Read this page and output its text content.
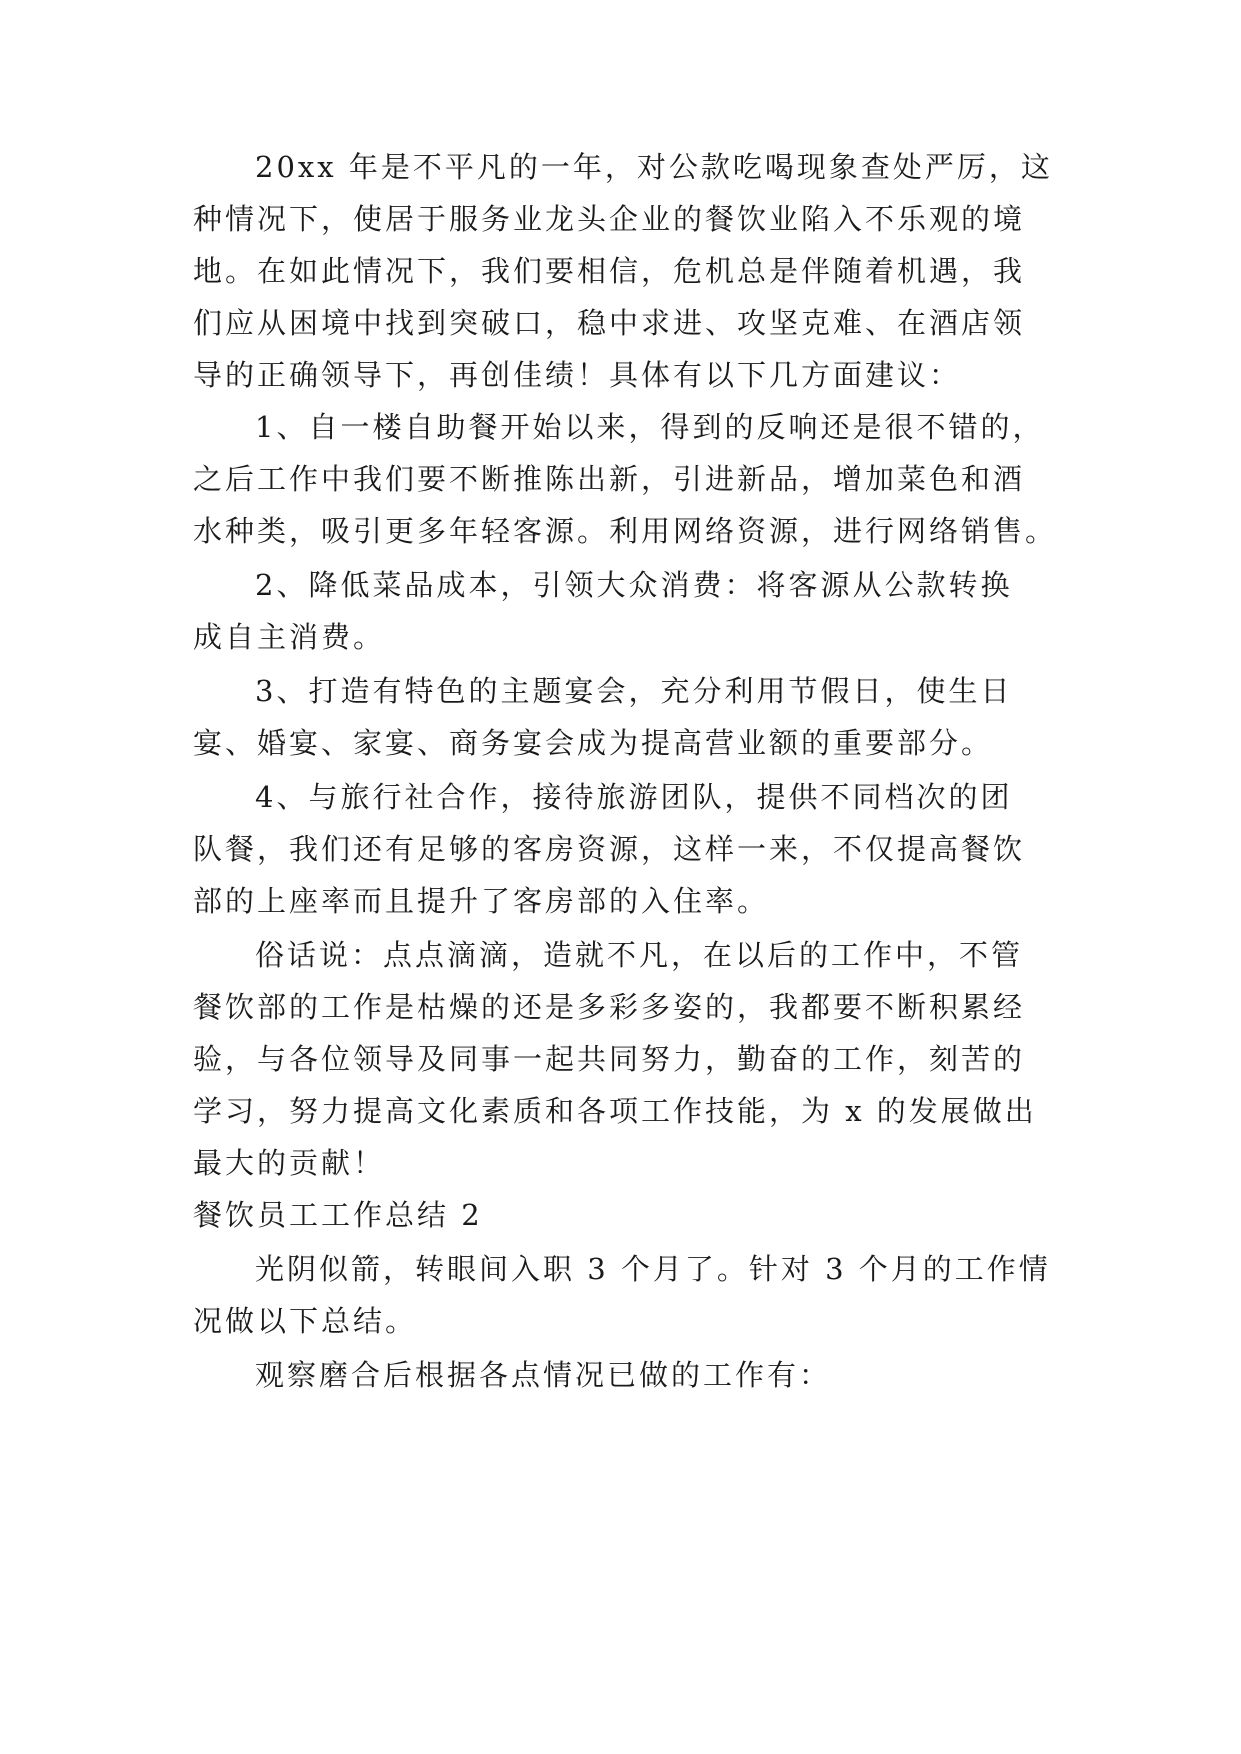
20xx 年是不平凡的一年，对公款吃喝现象查处严厉，这
种情况下，使居于服务业龙头企业的餐饮业陷入不乐观的境
地。在如此情况下，我们要相信，危机总是伴随着机遇，我
们应从困境中找到突破口，稳中求进、攻坚克难、在酒店领
导的正确领导下，再创佳绩！具体有以下几方面建议：
1、自一楼自助餐开始以来，得到的反响还是很不错的，
之后工作中我们要不断推陈出新，引进新品，增加菜色和酒
水种类，吸引更多年轻客源。利用网络资源，进行网络销售。
2、降低菜品成本，引领大众消费：将客源从公款转换
成自主消费。
3、打造有特色的主题宴会，充分利用节假日，使生日
宴、婚宴、家宴、商务宴会成为提高营业额的重要部分。
4、与旅行社合作，接待旅游团队，提供不同档次的团
队餐，我们还有足够的客房资源，这样一来，不仅提高餐饮
部的上座率而且提升了客房部的入住率。
俗话说：点点滴滴，造就不凡，在以后的工作中，不管
餐饮部的工作是枯燥的还是多彩多姿的，我都要不断积累经
验，与各位领导及同事一起共同努力，勤奋的工作，刻苦的
学习，努力提高文化素质和各项工作技能，为 x 的发展做出
最大的贡献！
餐饮员工工作总结 2
光阴似箭，转眼间入职 3 个月了。针对 3 个月的工作情
况做以下总结。
观察磨合后根据各点情况已做的工作有：
